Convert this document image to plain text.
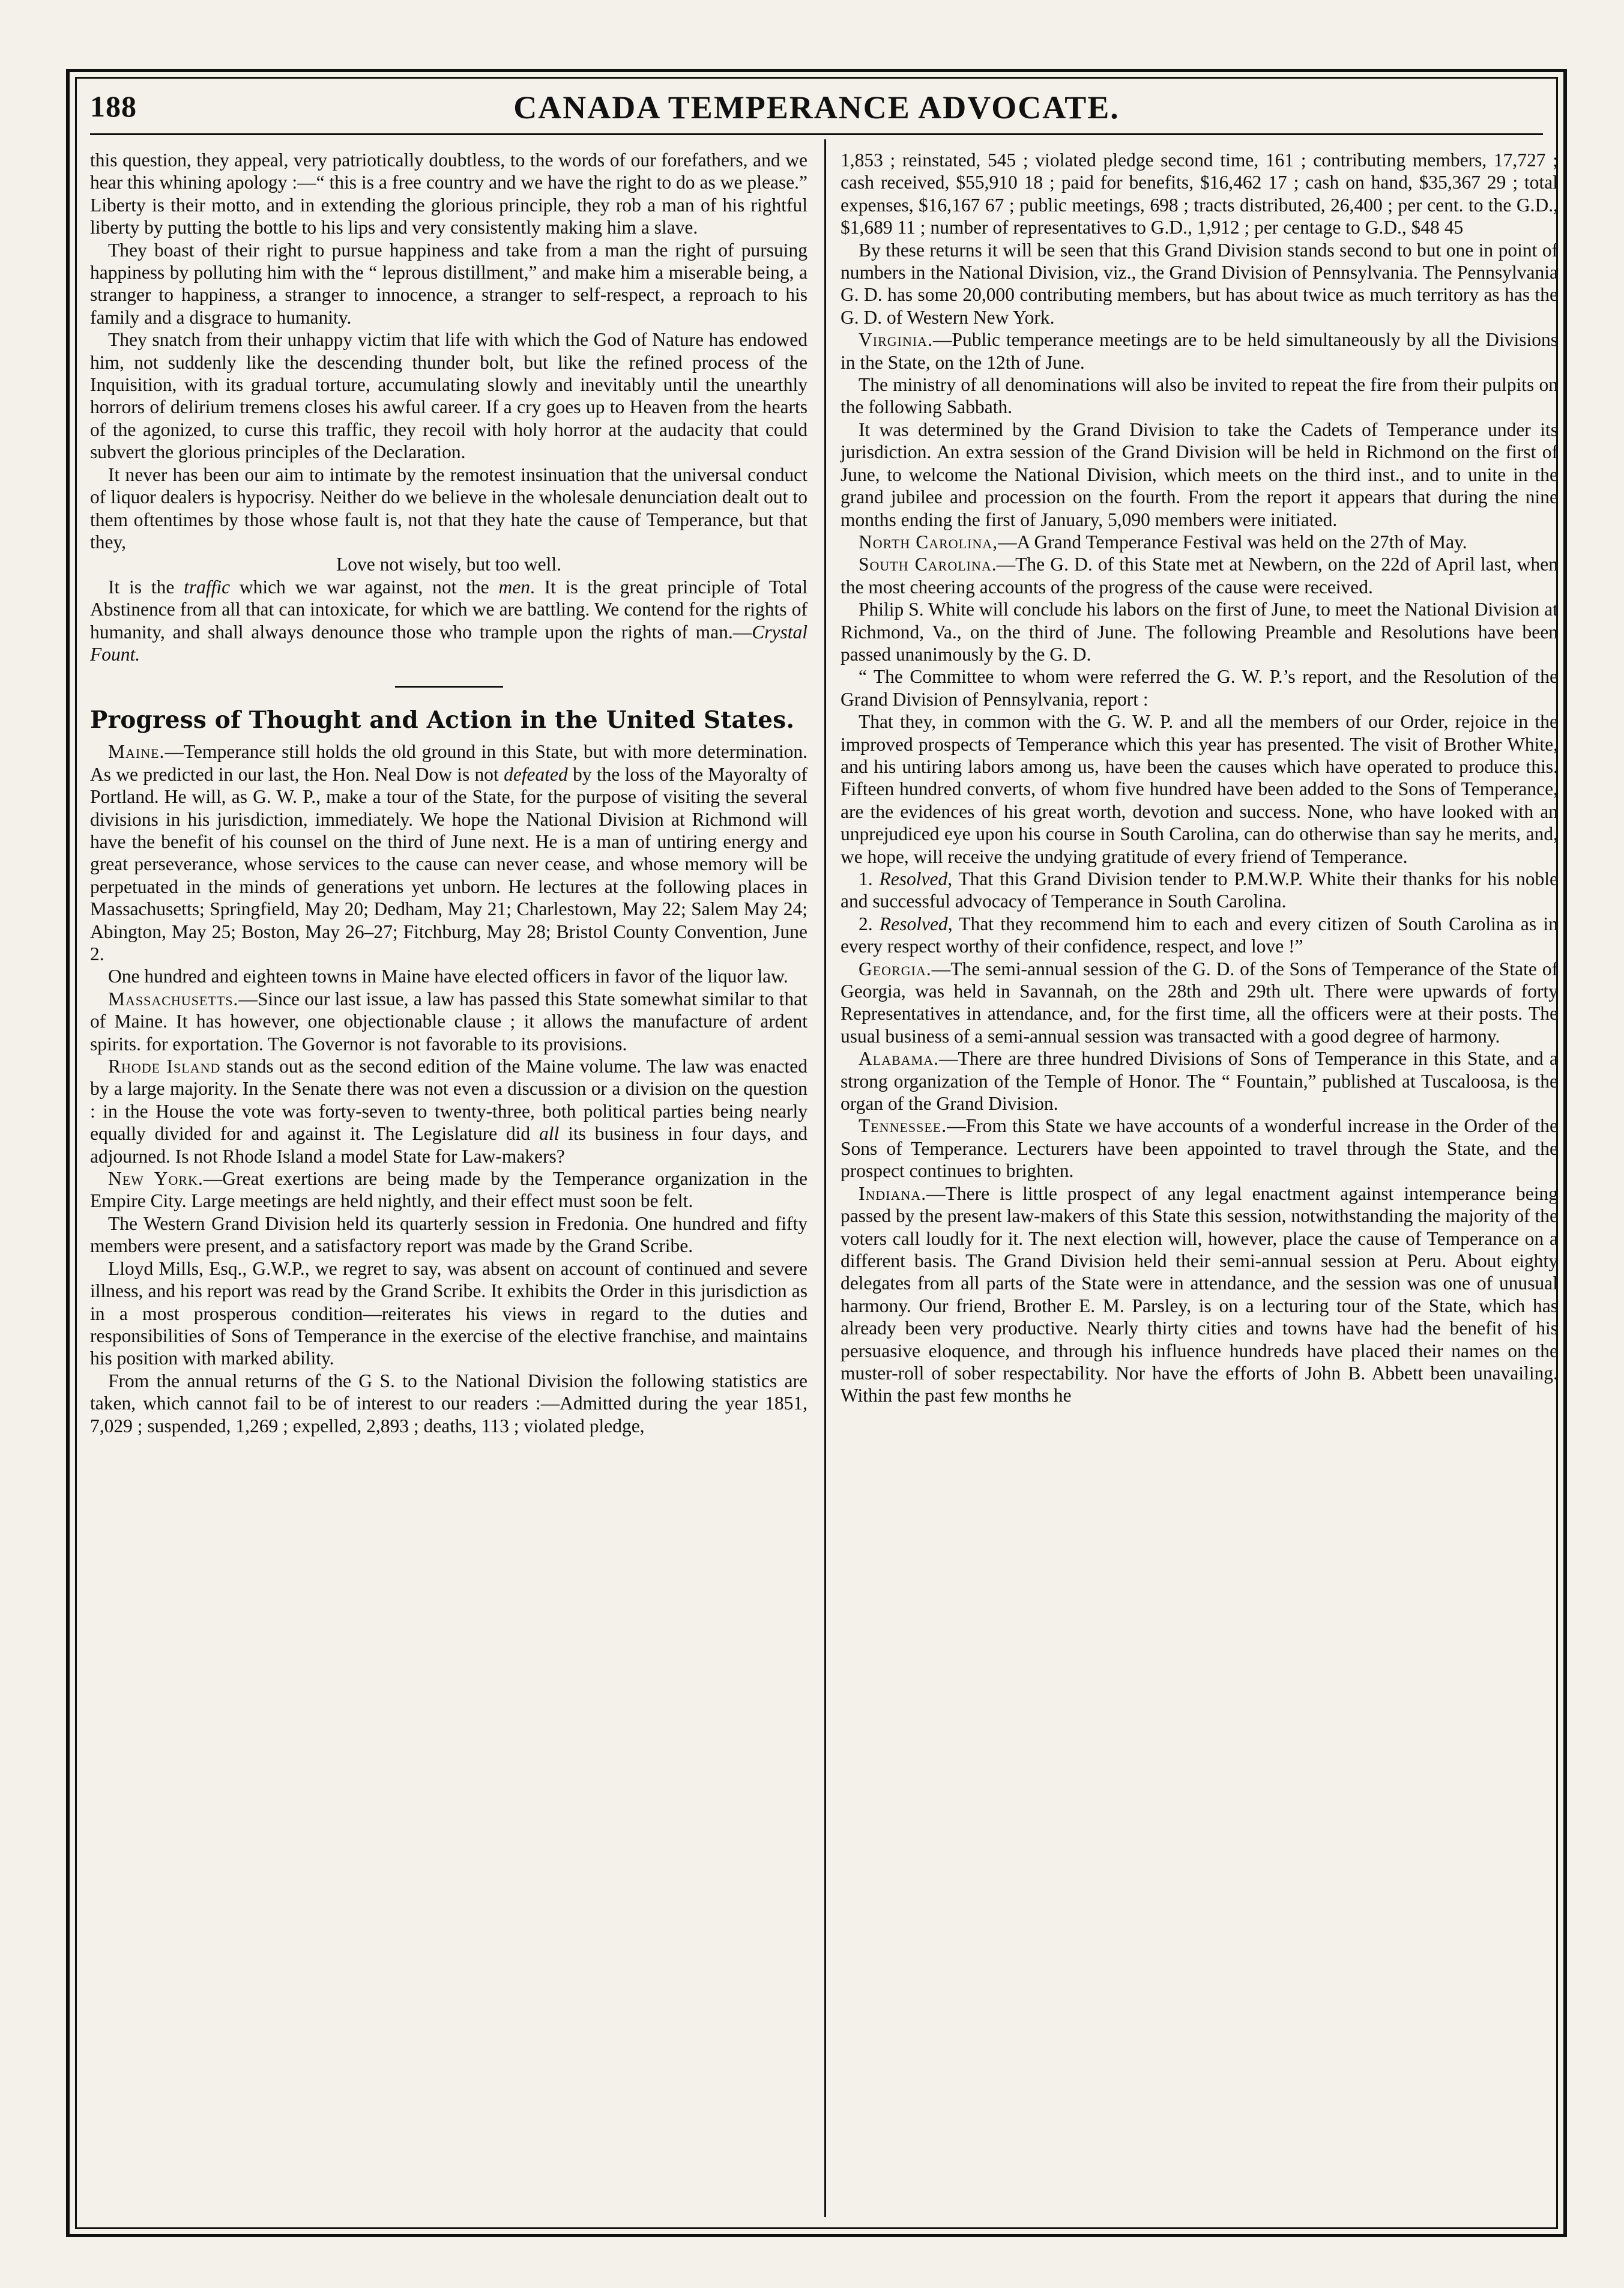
CANADA TEMPERANCE ADVOCATE.
188

this question, they appeal, very patriotically doubtless, to the words of our forefathers, and we hear this whining apology :—“ this is a free country and we have the right to do as we please.” Liberty is their motto, and in extending the glorious principle, they rob a man of his rightful liberty by putting the bottle to his lips and very consistently making him a slave.

They boast of their right to pursue happiness and take from a man the right of pursuing happiness by polluting him with the “ leprous distillment,” and make him a miserable being, a stranger to happiness, a stranger to innocence, a stranger to self-respect, a reproach to his family and a disgrace to humanity.

They snatch from their unhappy victim that life with which the God of Nature has endowed him, not suddenly like the descending thunder bolt, but like the refined process of the Inquisition, with its gradual torture, accumulating slowly and inevitably until the unearthly horrors of delirium tremens closes his awful career. If a cry goes up to Heaven from the hearts of the agonized, to curse this traffic, they recoil with holy horror at the audacity that could subvert the glorious principles of the Declaration.

It never has been our aim to intimate by the remotest insinuation that the universal conduct of liquor dealers is hypocrisy. Neither do we believe in the wholesale denunciation dealt out to them oftentimes by those whose fault is, not that they hate the cause of Temperance, but that they,

Love not wisely, but too well.

It is the traffic which we war against, not the men. It is the great principle of Total Abstinence from all that can intoxicate, for which we are battling. We contend for the rights of humanity, and shall always denounce those who trample upon the rights of man.—Crystal Fount.

Progress of Thought and Action in the United States.

Maine.—Temperance still holds the old ground in this State, but with more determination. As we predicted in our last, the Hon. Neal Dow is not defeated by the loss of the Mayoralty of Portland. He will, as G. W. P., make a tour of the State, for the purpose of visiting the several divisions in his jurisdiction, immediately. We hope the National Division at Richmond will have the benefit of his counsel on the third of June next. He is a man of untiring energy and great perseverance, whose services to the cause can never cease, and whose memory will be perpetuated in the minds of generations yet unborn. He lectures at the following places in Massachusetts; Springfield, May 20; Dedham, May 21; Charlestown, May 22; Salem May 24; Abington, May 25; Boston, May 26–27; Fitchburg, May 28; Bristol County Convention, June 2.

One hundred and eighteen towns in Maine have elected officers in favor of the liquor law.

Massachusetts.—Since our last issue, a law has passed this State somewhat similar to that of Maine. It has however, one objectionable clause ; it allows the manufacture of ardent spirits. for exportation. The Governor is not favorable to its provisions.

Rhode Island stands out as the second edition of the Maine volume. The law was enacted by a large majority. In the Senate there was not even a discussion or a division on the question : in the House the vote was forty-seven to twenty-three, both political parties being nearly equally divided for and against it. The Legislature did all its business in four days, and adjourned. Is not Rhode Island a model State for Law-makers?

New York.—Great exertions are being made by the Temperance organization in the Empire City. Large meetings are held nightly, and their effect must soon be felt.

The Western Grand Division held its quarterly session in Fredonia. One hundred and fifty members were present, and a satisfactory report was made by the Grand Scribe.

Lloyd Mills, Esq., G.W.P., we regret to say, was absent on account of continued and severe illness, and his report was read by the Grand Scribe. It exhibits the Order in this jurisdiction as in a most prosperous condition—reiterates his views in regard to the duties and responsibilities of Sons of Temperance in the exercise of the elective franchise, and maintains his position with marked ability.

From the annual returns of the G S. to the National Division the following statistics are taken, which cannot fail to be of interest to our readers :—Admitted during the year 1851, 7,029 ; suspended, 1,269 ; expelled, 2,893 ; deaths, 113 ; violated pledge,

1,853 ; reinstated, 545 ; violated pledge second time, 161 ; contributing members, 17,727 ; cash received, $55,910 18 ; paid for benefits, $16,462 17 ; cash on hand, $35,367 29 ; total expenses, $16,167 67 ; public meetings, 698 ; tracts distributed, 26,400 ; per cent. to the G.D., $1,689 11 ; number of representatives to G.D., 1,912 ; per centage to G.D., $48 45

By these returns it will be seen that this Grand Division stands second to but one in point of numbers in the National Division, viz., the Grand Division of Pennsylvania. The Pennsylvania G. D. has some 20,000 contributing members, but has about twice as much territory as has the G. D. of Western New York.

Virginia.—Public temperance meetings are to be held simultaneously by all the Divisions in the State, on the 12th of June.

The ministry of all denominations will also be invited to repeat the fire from their pulpits on the following Sabbath.

It was determined by the Grand Division to take the Cadets of Temperance under its jurisdiction. An extra session of the Grand Division will be held in Richmond on the first of June, to welcome the National Division, which meets on the third inst., and to unite in the grand jubilee and procession on the fourth. From the report it appears that during the nine months ending the first of January, 5,090 members were initiated.

North Carolina,—A Grand Temperance Festival was held on the 27th of May.

South Carolina.—The G. D. of this State met at Newbern, on the 22d of April last, when the most cheering accounts of the progress of the cause were received.

Philip S. White will conclude his labors on the first of June, to meet the National Division at Richmond, Va., on the third of June. The following Preamble and Resolutions have been passed unanimously by the G. D.

“ The Committee to whom were referred the G. W. P.’s report, and the Resolution of the Grand Division of Pennsylvania, report :

That they, in common with the G. W. P. and all the members of our Order, rejoice in the improved prospects of Temperance which this year has presented. The visit of Brother White, and his untiring labors among us, have been the causes which have operated to produce this. Fifteen hundred converts, of whom five hundred have been added to the Sons of Temperance, are the evidences of his great worth, devotion and success. None, who have looked with an unprejudiced eye upon his course in South Carolina, can do otherwise than say he merits, and, we hope, will receive the undying gratitude of every friend of Temperance.

1. Resolved, That this Grand Division tender to P.M.W.P. White their thanks for his noble and successful advocacy of Temperance in South Carolina.

2. Resolved, That they recommend him to each and every citizen of South Carolina as in every respect worthy of their confidence, respect, and love !”

Georgia.—The semi-annual session of the G. D. of the Sons of Temperance of the State of Georgia, was held in Savannah, on the 28th and 29th ult. There were upwards of forty Representatives in attendance, and, for the first time, all the officers were at their posts. The usual business of a semi-annual session was transacted with a good degree of harmony.

Alabama.—There are three hundred Divisions of Sons of Temperance in this State, and a strong organization of the Temple of Honor. The “ Fountain,” published at Tuscaloosa, is the organ of the Grand Division.

Tennessee.—From this State we have accounts of a wonderful increase in the Order of the Sons of Temperance. Lecturers have been appointed to travel through the State, and the prospect continues to brighten.

Indiana.—There is little prospect of any legal enactment against intemperance being passed by the present law-makers of this State this session, notwithstanding the majority of the voters call loudly for it. The next election will, however, place the cause of Temperance on a different basis. The Grand Division held their semi-annual session at Peru. About eighty delegates from all parts of the State were in attendance, and the session was one of unusual harmony. Our friend, Brother E. M. Parsley, is on a lecturing tour of the State, which has already been very productive. Nearly thirty cities and towns have had the benefit of his persuasive eloquence, and through his influence hundreds have placed their names on the muster-roll of sober respectability. Nor have the efforts of John B. Abbett been unavailing. Within the past few months he
